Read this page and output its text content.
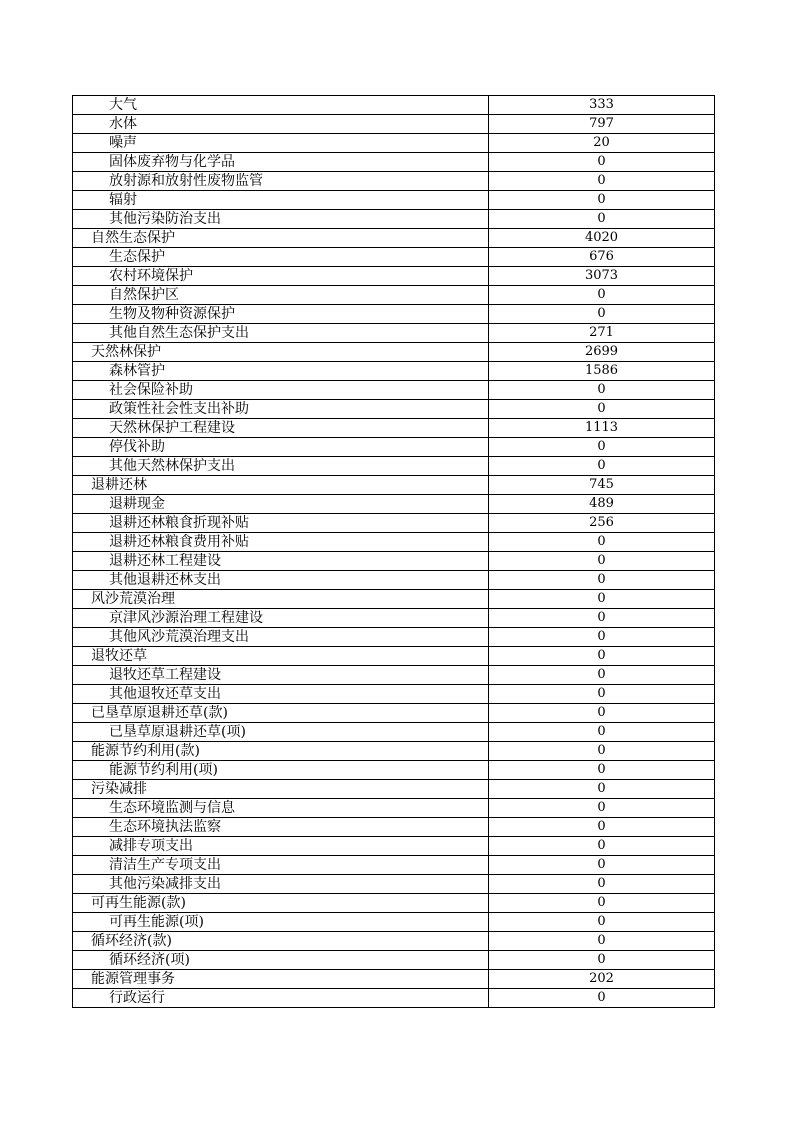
大气	333
水体	797
噪声	20
固体废弃物与化学品	0
放射源和放射性废物监管	0
辐射	0
其他污染防治支出	0
自然生态保护	4020
生态保护	676
农村环境保护	3073
自然保护区	0
生物及物种资源保护	0
其他自然生态保护支出	271
天然林保护	2699
森林管护	1586
社会保险补助	0
政策性社会性支出补助	0
天然林保护工程建设	1113
停伐补助	0
其他天然林保护支出	0
退耕还林	745
退耕现金	489
退耕还林粮食折现补贴	256
退耕还林粮食费用补贴	0
退耕还林工程建设	0
其他退耕还林支出	0
风沙荒漠治理	0
京津风沙源治理工程建设	0
其他风沙荒漠治理支出	0
退牧还草	0
退牧还草工程建设	0
其他退牧还草支出	0
已垦草原退耕还草(款)	0
已垦草原退耕还草(项)	0
能源节约利用(款)	0
能源节约利用(项)	0
污染减排	0
生态环境监测与信息	0
生态环境执法监察	0
减排专项支出	0
清洁生产专项支出	0
其他污染减排支出	0
可再生能源(款)	0
可再生能源(项)	0
循环经济(款)	0
循环经济(项)	0
能源管理事务	202
行政运行	0
